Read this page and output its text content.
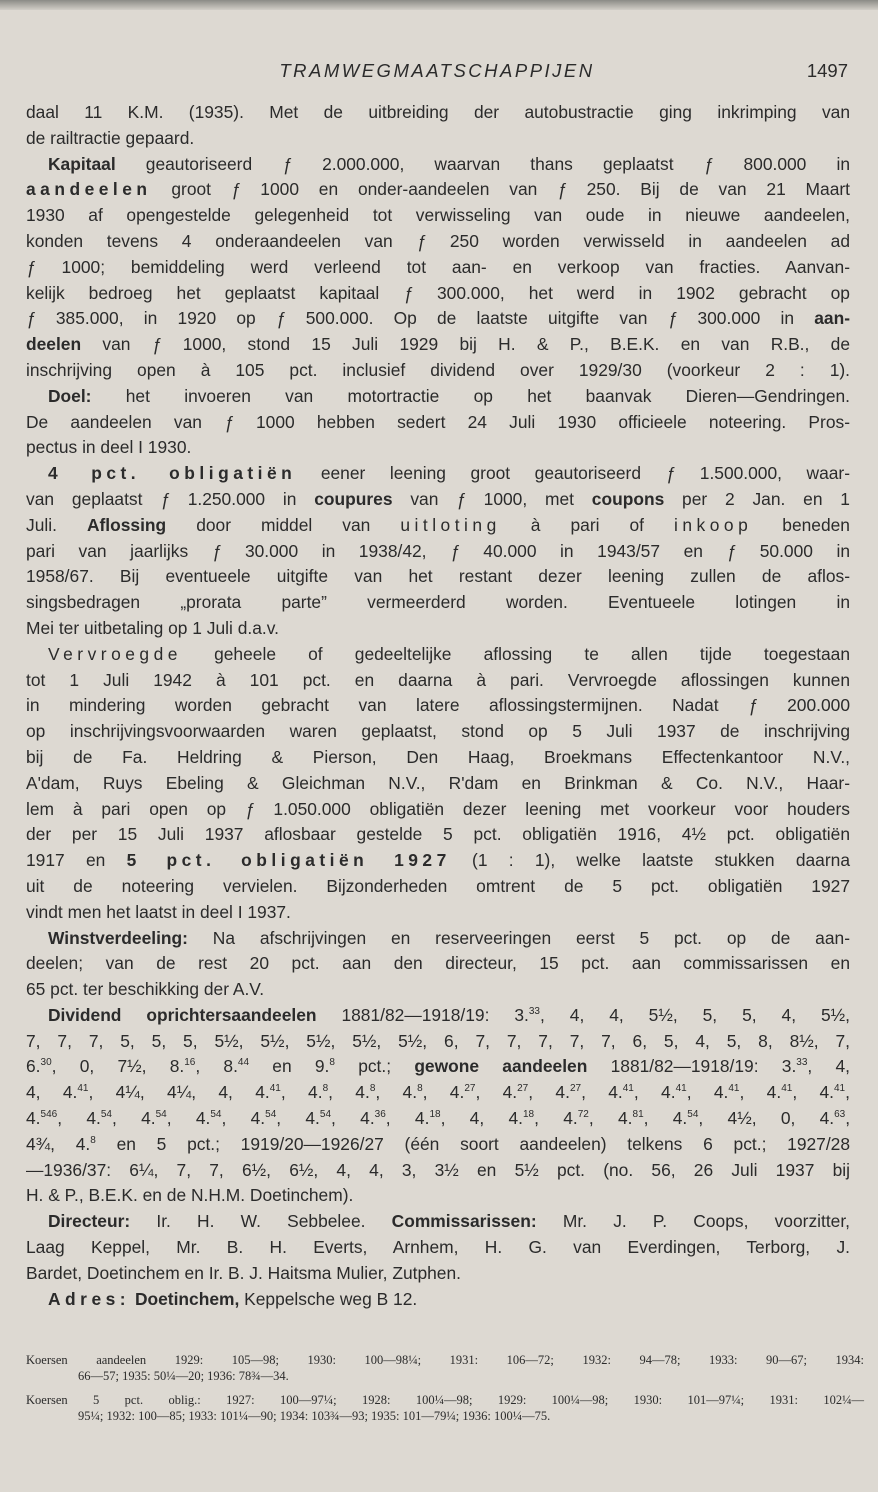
TRAMWEGMAATSCHAPPIJEN	1497
daal 11 K.M. (1935). Met de uitbreiding der autobustractie ging inkrimping van
de railtractie gepaard.
Kapitaal geautoriseerd ƒ 2.000.000, waarvan thans geplaatst ƒ 800.000 in
aandeelen groot ƒ 1000 en onder-aandeelen van ƒ 250. Bij de van 21 Maart
1930 af opengestelde gelegenheid tot verwisseling van oude in nieuwe aandeelen,
konden tevens 4 onderaandeelen van ƒ 250 worden verwisseld in aandeelen ad
ƒ 1000; bemiddeling werd verleend tot aan- en verkoop van fracties. Aanvan-
kelijk bedroeg het geplaatst kapitaal ƒ 300.000, het werd in 1902 gebracht op
ƒ 385.000, in 1920 op ƒ 500.000. Op de laatste uitgifte van ƒ 300.000 in aan-
deelen van ƒ 1000, stond 15 Juli 1929 bij H. & P., B.E.K. en van R.B., de
inschrijving open à 105 pct. inclusief dividend over 1929/30 (voorkeur 2 : 1).
Doel: het invoeren van motortractie op het baanvak Dieren—Gendringen.
De aandeelen van ƒ 1000 hebben sedert 24 Juli 1930 officieele noteering. Pros-
pectus in deel I 1930.
4 pct. obligatiën eener leening groot geautoriseerd ƒ 1.500.000, waar-
van geplaatst ƒ 1.250.000 in coupures van ƒ 1000, met coupons per 2 Jan. en 1
Juli. Aflossing door middel van uitloting à pari of inkoop beneden
pari van jaarlijks ƒ 30.000 in 1938/42, ƒ 40.000 in 1943/57 en ƒ 50.000 in
1958/67. Bij eventueele uitgifte van het restant dezer leening zullen de aflos-
singsbedragen „prorata parte” vermeerderd worden. Eventueele lotingen in
Mei ter uitbetaling op 1 Juli d.a.v.
Vervroegde geheele of gedeeltelijke aflossing te allen tijde toegestaan
tot 1 Juli 1942 à 101 pct. en daarna à pari. Vervroegde aflossingen kunnen
in mindering worden gebracht van latere aflossingstermijnen. Nadat ƒ 200.000
op inschrijvingsvoorwaarden waren geplaatst, stond op 5 Juli 1937 de inschrijving
bij de Fa. Heldring & Pierson, Den Haag, Broekmans Effectenkantoor N.V.,
A'dam, Ruys Ebeling & Gleichman N.V., R'dam en Brinkman & Co. N.V., Haar-
lem à pari open op ƒ 1.050.000 obligatiën dezer leening met voorkeur voor houders
der per 15 Juli 1937 aflosbaar gestelde 5 pct. obligatiën 1916, 4½ pct. obligatiën
1917 en 5 pct. obligatiën 1927 (1 : 1), welke laatste stukken daarna
uit de noteering vervielen. Bijzonderheden omtrent de 5 pct. obligatiën 1927
vindt men het laatst in deel I 1937.
Winstverdeeling: Na afschrijvingen en reserveeringen eerst 5 pct. op de aan-
deelen; van de rest 20 pct. aan den directeur, 15 pct. aan commissarissen en
65 pct. ter beschikking der A.V.
Dividend oprichtersaandeelen 1881/82—1918/19: 3.33, 4, 4, 5½, 5, 5, 4, 5½,
7, 7, 7, 5, 5, 5, 5½, 5½, 5½, 5½, 5½, 6, 7, 7, 7, 7, 7, 6, 5, 4, 5, 8, 8½, 7,
6.30, 0, 7½, 8.16, 8.44 en 9.$^8$ pct.; gewone aandeelen 1881/82—1918/19: 3.33, 4,
4, 4.41, 4¼, 4¼, 4, 4.41, 4.$^8$, 4.$^8$, 4.$^8$, 4.27, 4.27, 4.27, 4.41, 4.41, 4.41, 4.41, 4.41,
4.$^{546}$, 4.54, 4.54, 4.54, 4.54, 4.54, 4.36, 4.18, 4, 4.18, 4.72, 4.81, 4.54, 4½, 0, 4.63,
4¾, 4.$^8$ en 5 pct.; 1919/20—1926/27 (één soort aandeelen) telkens 6 pct.; 1927/28
—1936/37: 6¼, 7, 7, 6½, 6½, 4, 4, 3, 3½ en 5½ pct. (no. 56, 26 Juli 1937 bij
H. & P., B.E.K. en de N.H.M. Doetinchem).
Directeur: Ir. H. W. Sebbelee. Commissarissen: Mr. J. P. Coops, voorzitter,
Laag Keppel, Mr. B. H. Everts, Arnhem, H. G. van Everdingen, Terborg, J.
Bardet, Doetinchem en Ir. B. J. Haitsma Mulier, Zutphen.
Adres: Doetinchem, Keppelsche weg B 12.
Koersen aandeelen 1929: 105—98; 1930: 100—98¼; 1931: 106—72; 1932: 94—78; 1933: 90—67; 1934:
66—57; 1935: 50¼—20; 1936: 78¾—34.
Koersen 5 pct. oblig.: 1927: 100—97¼; 1928: 100¼—98; 1929: 100¼—98; 1930: 101—97¼; 1931: 102¼—
95¼; 1932: 100—85; 1933: 101¼—90; 1934: 103¾—93; 1935: 101—79¼; 1936: 100¼—75.
